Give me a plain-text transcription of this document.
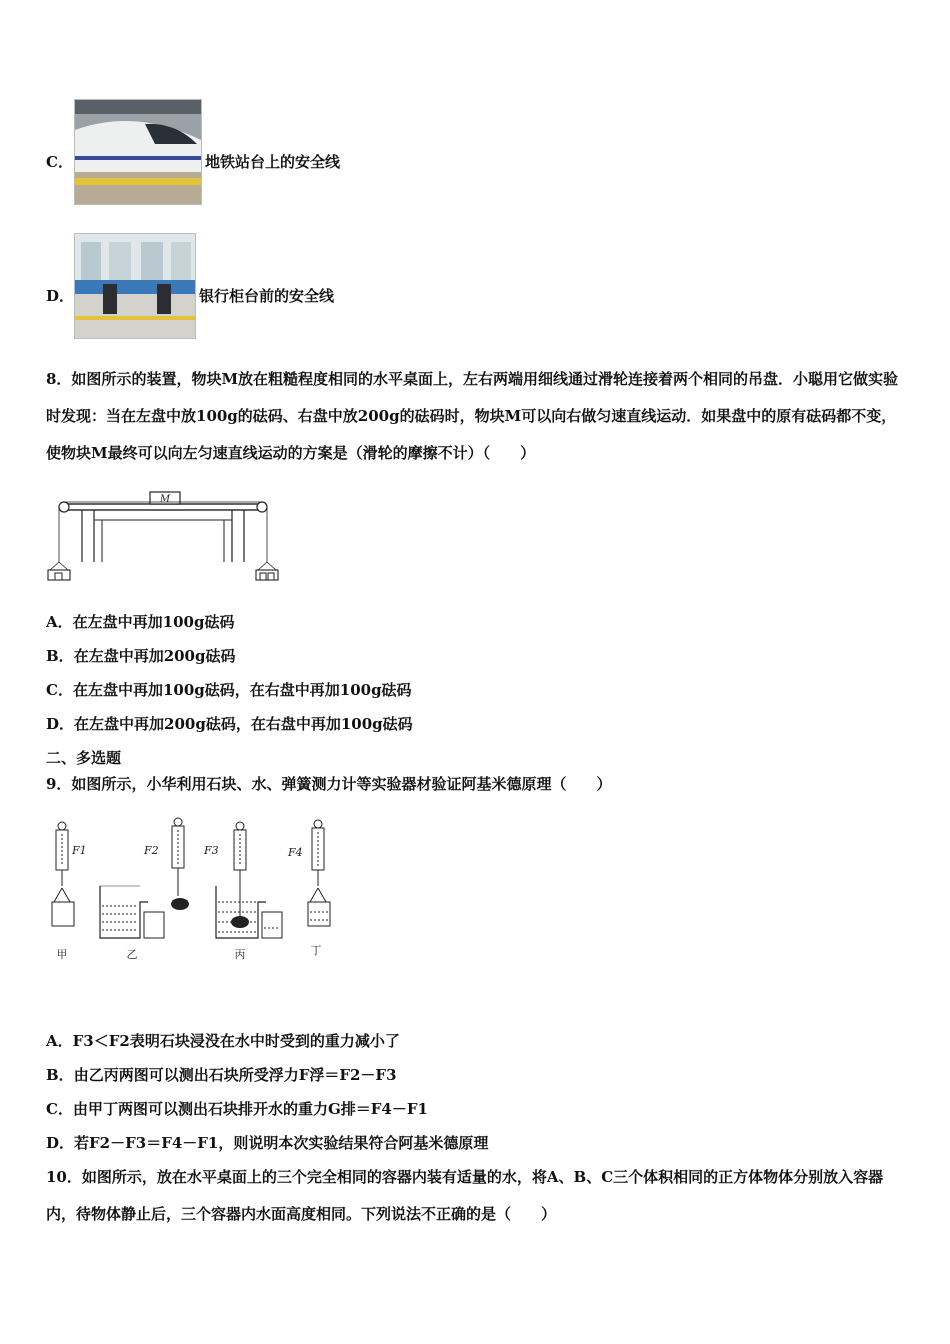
C．	地铁站台上的安全线
D．	银行柜台前的安全线
8．如图所示的装置，物块M放在粗糙程度相同的水平桌面上，左右两端用细线通过滑轮连接着两个相同的吊盘．小聪用它做实验时发现：当在左盘中放100g的砝码、右盘中放200g的砝码时，物块M可以向右做匀速直线运动．如果盘中的原有砝码都不变，使物块M最终可以向左匀速直线运动的方案是（滑轮的摩擦不计）（　　）
M
A．在左盘中再加100g砝码
B．在左盘中再加200g砝码
C．在左盘中再加100g砝码，在右盘中再加100g砝码
D．在左盘中再加200g砝码，在右盘中再加100g砝码
二、多选题
9．如图所示，小华利用石块、水、弹簧测力计等实验器材验证阿基米德原理（　　）
F1
甲
F2
乙
F3
丙
F4
丁
A．F3＜F2表明石块浸没在水中时受到的重力减小了
B．由乙丙两图可以测出石块所受浮力F浮＝F2－F3
C．由甲丁两图可以测出石块排开水的重力G排＝F4－F1
D．若F2－F3＝F4－F1，则说明本次实验结果符合阿基米德原理
10．如图所示，放在水平桌面上的三个完全相同的容器内装有适量的水，将A、B、C三个体积相同的正方体物体分别放入容器内，待物体静止后，三个容器内水面高度相同。下列说法不正确的是（　　）
